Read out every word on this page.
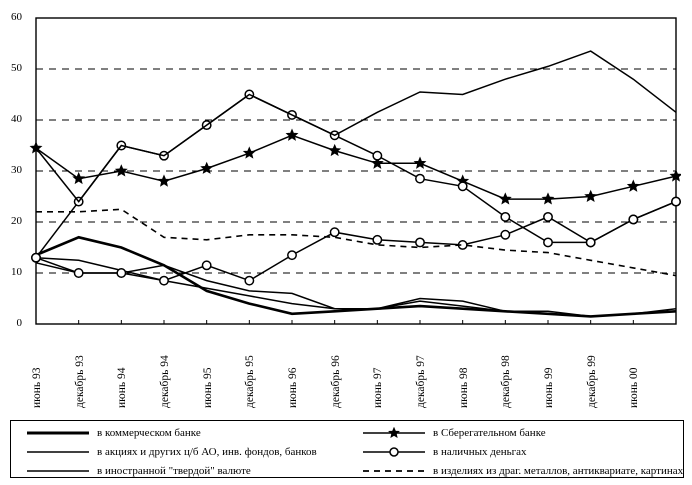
0
10
20
30
40
50
60
июнь 93	декабрь 93	июнь 94	декабрь 94	июнь 95	декабрь 95	июнь 96	декабрь 96	июнь 97	декабрь 97	июнь 98	декабрь 98	июнь 99	декабрь 99	июнь 00
в коммерческом банке	в Сберегательном банке
в акциях и других ц/б АО, инв. фондов, банков	в наличных деньгах
в иностранной "твердой" валюте	в изделиях из драг. металлов, антиквариате, картинах
